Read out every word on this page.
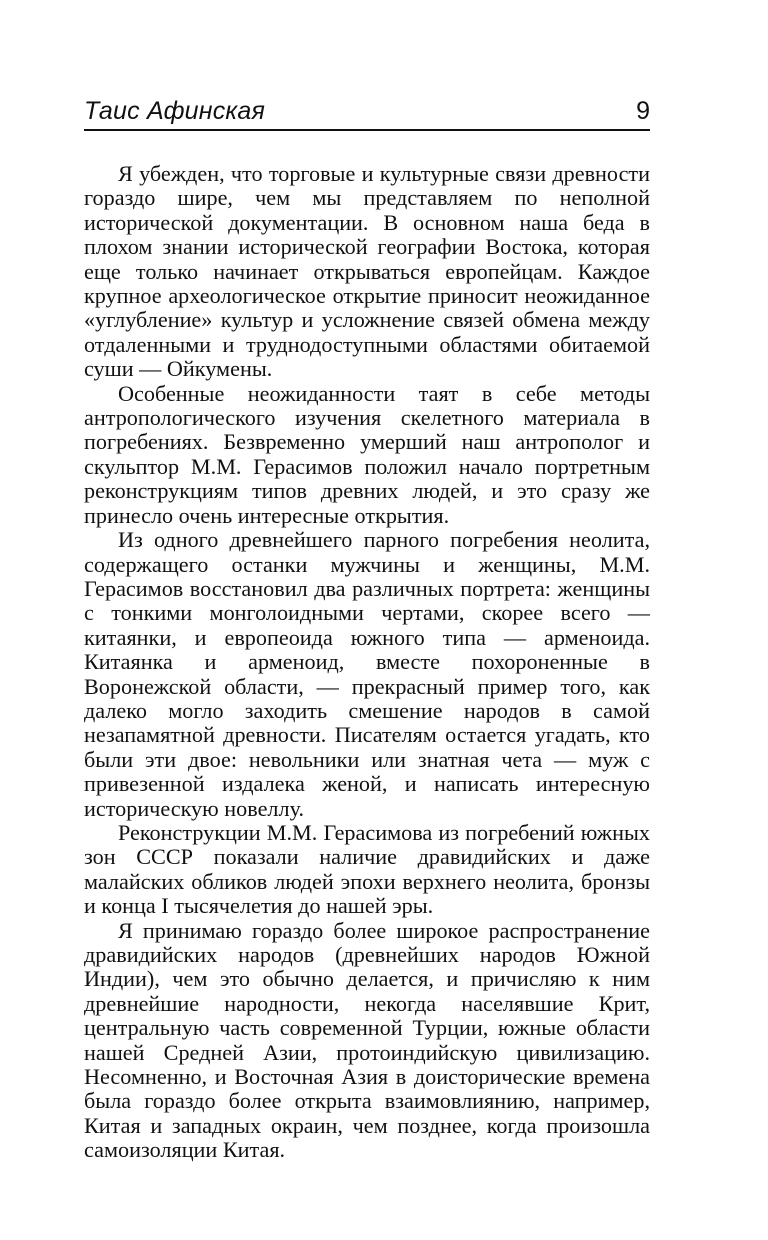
Таис Афинская	9

Я убежден, что торговые и культурные связи древности гораздо шире, чем мы представляем по неполной исторической документации. В основном наша беда в плохом знании исторической географии Востока, которая еще только начинает открываться европейцам. Каждое крупное археологическое открытие приносит неожиданное «углубление» культур и усложнение связей обмена между отдаленными и труднодоступными областями обитаемой суши — Ойкумены.

Особенные неожиданности таят в себе методы антропологического изучения скелетного материала в погребениях. Безвременно умерший наш антрополог и скульптор М.М. Герасимов положил начало портретным реконструкциям типов древних людей, и это сразу же принесло очень интересные открытия.

Из одного древнейшего парного погребения неолита, содержащего останки мужчины и женщины, М.М. Герасимов восстановил два различных портрета: женщины с тонкими монголоидными чертами, скорее всего — китаянки, и европеоида южного типа — арменоида. Китаянка и арменоид, вместе похороненные в Воронежской области, — прекрасный пример того, как далеко могло заходить смешение народов в самой незапамятной древности. Писателям остается угадать, кто были эти двое: невольники или знатная чета — муж с привезенной издалека женой, и написать интересную историческую новеллу.

Реконструкции М.М. Герасимова из погребений южных зон СССР показали наличие дравидийских и даже малайских обликов людей эпохи верхнего неолита, бронзы и конца I тысячелетия до нашей эры.

Я принимаю гораздо более широкое распространение дравидийских народов (древнейших народов Южной Индии), чем это обычно делается, и причисляю к ним древнейшие народности, некогда населявшие Крит, центральную часть современной Турции, южные области нашей Средней Азии, протоиндийскую цивилизацию. Несомненно, и Восточная Азия в доисторические времена была гораздо более открыта взаимовлиянию, например, Китая и западных окраин, чем позднее, когда произошла самоизоляции Китая.
